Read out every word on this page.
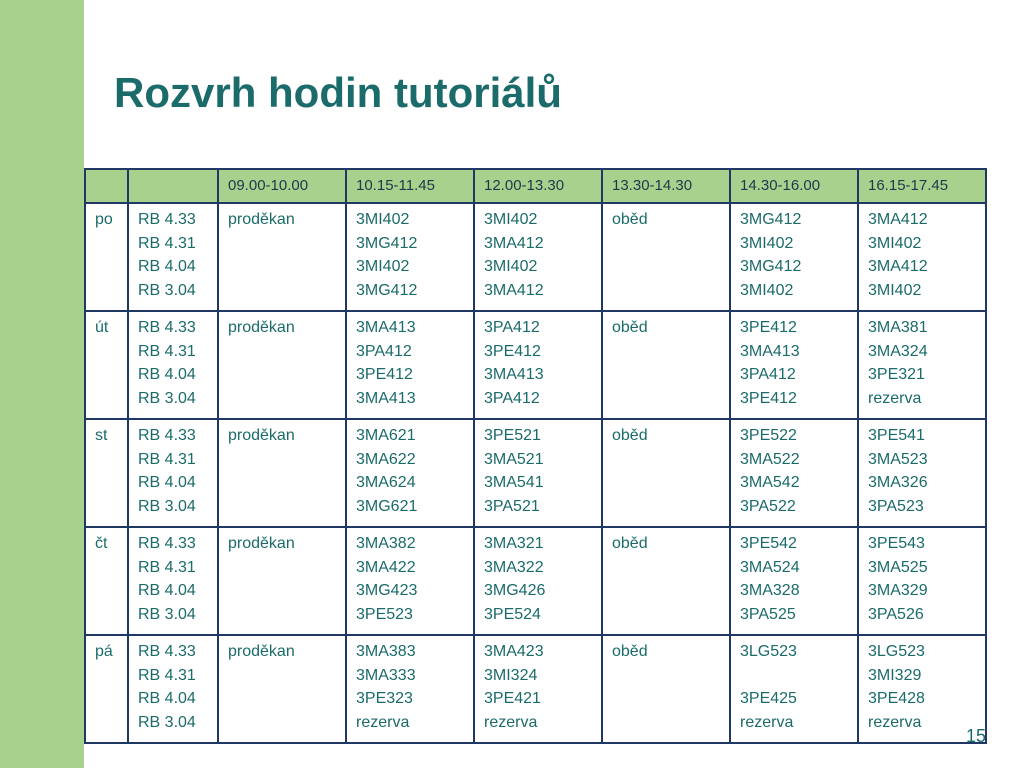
Rozvrh hodin tutoriálů
		09.00-10.00	10.15-11.45	12.00-13.30	13.30-14.30	14.30-16.00	16.15-17.45
po	RB 4.33
RB 4.31
RB 4.04
RB 3.04	proděkan	3MI402
3MG412
3MI402
3MG412	3MI402
3MA412
3MI402
3MA412	oběd	3MG412
3MI402
3MG412
3MI402	3MA412
3MI402
3MA412
3MI402

út	RB 4.33
RB 4.31
RB 4.04
RB 3.04	proděkan	3MA413
3PA412
3PE412
3MA413	3PA412
3PE412
3MA413
3PA412	oběd	3PE412
3MA413
3PA412
3PE412	3MA381
3MA324
3PE321
rezerva

st	RB 4.33
RB 4.31
RB 4.04
RB 3.04	proděkan	3MA621
3MA622
3MA624
3MG621	3PE521
3MA521
3MA541
3PA521	oběd	3PE522
3MA522
3MA542
3PA522	3PE541
3MA523
3MA326
3PA523

čt	RB 4.33
RB 4.31
RB 4.04
RB 3.04	proděkan	3MA382
3MA422
3MG423
3PE523	3MA321
3MA322
3MG426
3PE524	oběd	3PE542
3MA524
3MA328
3PA525	3PE543
3MA525
3MA329
3PA526

pá	RB 4.33
RB 4.31
RB 4.04
RB 3.04	proděkan	3MA383
3MA333
3PE323
rezerva	3MA423
3MI324
3PE421
rezerva	oběd	3LG523

3PE425
rezerva	3LG523
3MI329
3PE428
rezerva
15
